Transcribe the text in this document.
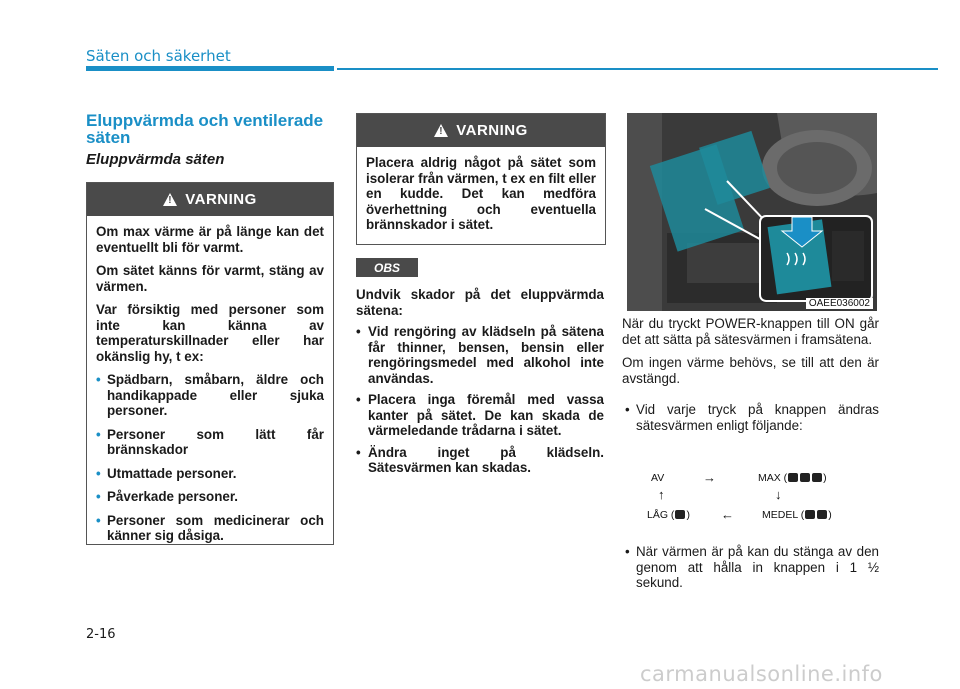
Säten och säkerhet
Eluppvärmda och ventilerade säten
Eluppvärmda säten
! VARNING

Om max värme är på länge kan det eventuellt bli för varmt.

Om sätet känns för varmt, stäng av värmen.

Var försiktig med personer som inte kan känna av temperaturskillnader eller har okänslig hy, t ex:

• Spädbarn, småbarn, äldre och handikappade eller sjuka personer.
• Personer som lätt får brännskador
• Utmattade personer.
• Påverkade personer.
• Personer som medicinerar och känner sig dåsiga.
! VARNING

Placera aldrig något på sätet som isolerar från värmen, t ex en filt eller en kudde. Det kan medföra överhettning och eventuella brännskador i sätet.

OBS

Undvik skador på det eluppvärmda sätena:

• Vid rengöring av klädseln på sätena får thinner, bensen, bensin eller rengöringsmedel med alkohol inte användas.
• Placera inga föremål med vassa kanter på sätet. De kan skada de värmeledande trådarna i sätet.
• Ändra inget på klädseln. Sätesvärmen kan skadas.
OAEE036002

När du tryckt POWER-knappen till ON går det att sätta på sätesvärmen i framsätena.

Om ingen värme behövs, se till att den är avstängd.

• Vid varje tryck på knappen ändras sätesvärmen enligt följande:
AV	→	MAX (	)
↑	↓
LÅG ( ) ←	MEDEL ( )
• När värmen är på kan du stänga av den genom att hålla in knappen i 1 ½ sekund.
2-16
carmanualsonline.info
